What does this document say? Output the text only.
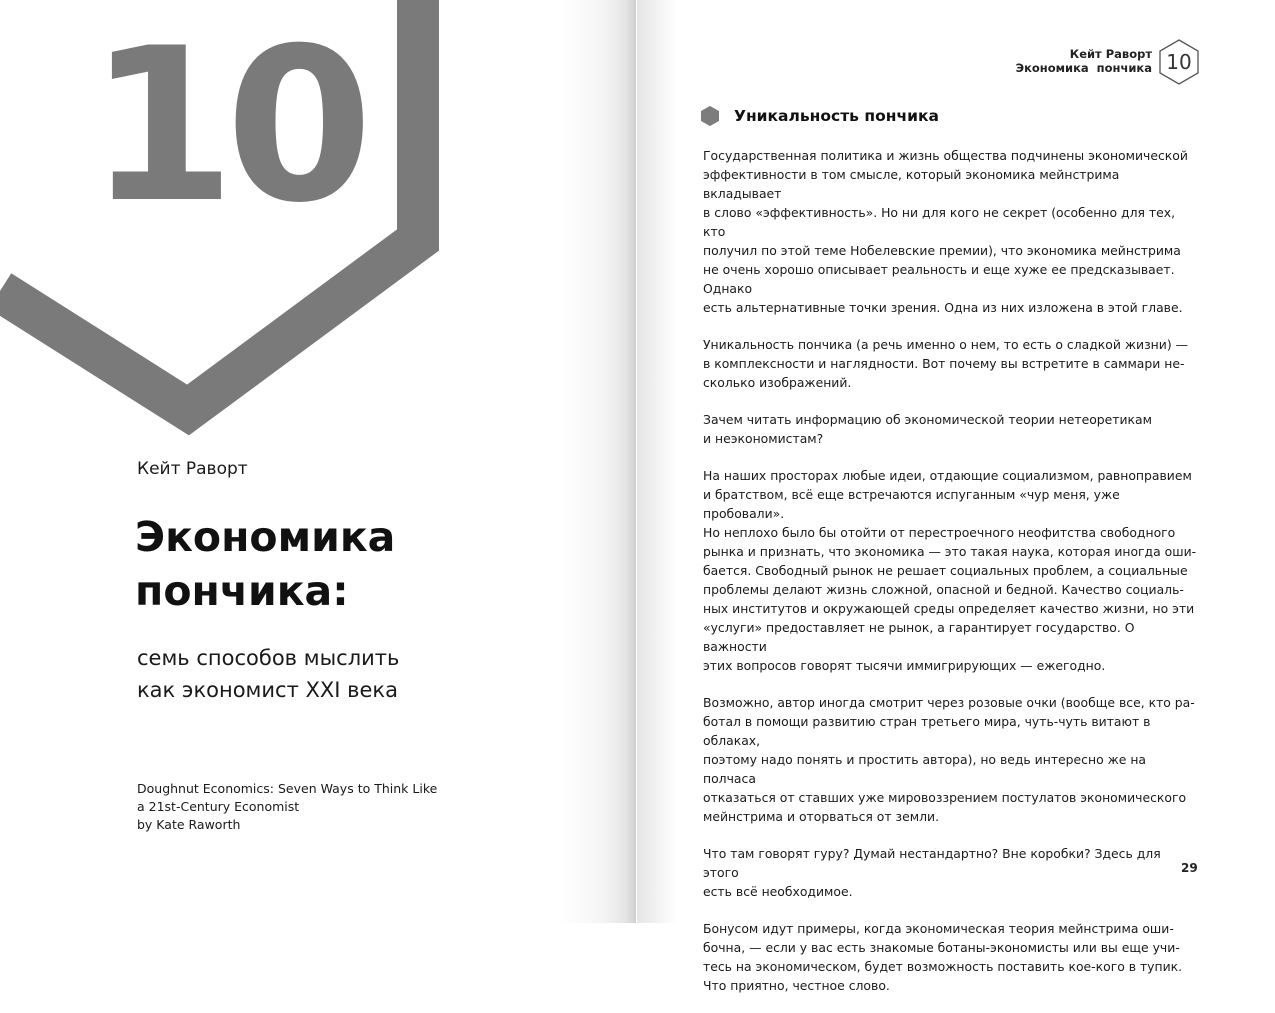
10
Кейт Раворт
Экономика
пончика:
семь способов мыслить
как экономист XXI века
Doughnut Economics: Seven Ways to Think Like
a 21st-Century Economist
by Kate Raworth
Кейт Раворт
Экономика  пончика 10
Уникальность пончика

Государственная политика и жизнь общества подчинены экономической
эффективности в том смысле, который экономика мейнстрима вкладывает
в слово «эффективность». Но ни для кого не секрет (особенно для тех, кто
получил по этой теме Нобелевские премии), что экономика мейнстрима
не очень хорошо описывает реальность и еще хуже ее предсказывает. Однако
есть альтернативные точки зрения. Одна из них изложена в этой главе.

Уникальность пончика (а речь именно о нем, то есть о сладкой жизни) —
в комплексности и наглядности. Вот почему вы встретите в саммари не-
сколько изображений.

Зачем читать информацию об экономической теории нетеоретикам
и неэкономистам?

На наших просторах любые идеи, отдающие социализмом, равноправием
и братством, всё еще встречаются испуганным «чур меня, уже пробовали».
Но неплохо было бы отойти от перестроечного неофитства свободного
рынка и признать, что экономика — это такая наука, которая иногда оши-
бается. Свободный рынок не решает социальных проблем, а социальные
проблемы делают жизнь сложной, опасной и бедной. Качество социаль-
ных институтов и окружающей среды определяет качество жизни, но эти
«услуги» предоставляет не рынок, а гарантирует государство. О важности
этих вопросов говорят тысячи иммигрирующих — ежегодно.

Возможно, автор иногда смотрит через розовые очки (вообще все, кто ра-
ботал в помощи развитию стран третьего мира, чуть-чуть витают в облаках,
поэтому надо понять и простить автора), но ведь интересно же на полчаса
отказаться от ставших уже мировоззрением постулатов экономического
мейнстрима и оторваться от земли.

Что там говорят гуру? Думай нестандартно? Вне коробки? Здесь для этого
есть всё необходимое.

Бонусом идут примеры, когда экономическая теория мейнстрима оши-
бочна, — если у вас есть знакомые ботаны-экономисты или вы еще учи-
тесь на экономическом, будет возможность поставить кое-кого в тупик.
Что приятно, честное слово.

29
